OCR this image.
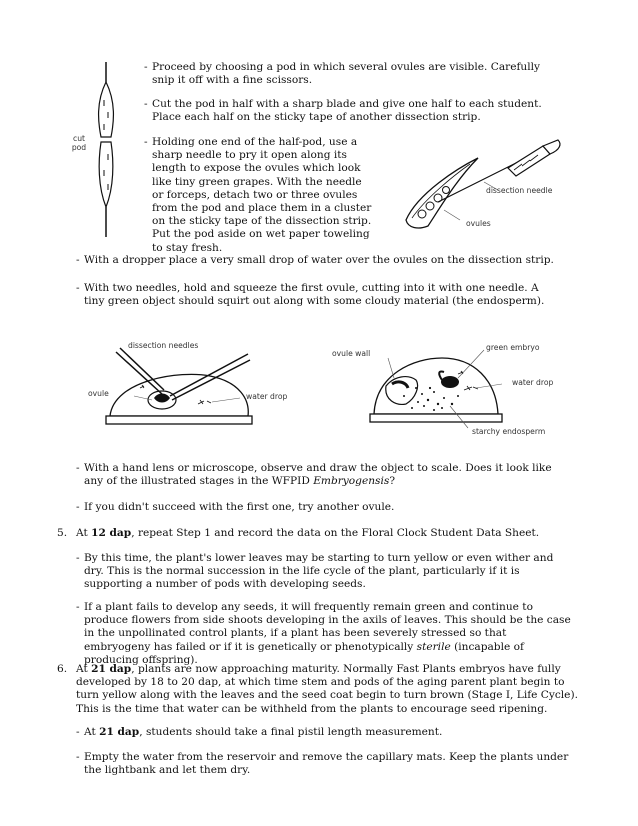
cut
pod
- Proceed by choosing a pod in which several ovules are visible. Carefully snip it off with a fine scissors.
- Cut the pod in half with a sharp blade and give one half to each student. Place each half on the sticky tape of another dissection strip.
- Holding one end of the half-pod, use a sharp needle to pry it open along its length to expose the ovules which look like tiny green grapes. With the needle or forceps, detach two or three ovules from the pod and place them in a cluster on the sticky tape of the dissection strip. Put the pod aside on wet paper toweling to stay fresh.
dissection needle
ovules
- With a dropper place a very small drop of water over the ovules on the dissection strip.
- With two needles, hold and squeeze the first ovule, cutting into it with one needle. A tiny green object should squirt out along with some cloudy material (the endosperm).
dissection needles
ovule	water drop
ovule wall
green embryo
water drop
starchy endosperm
- With a hand lens or microscope, observe and draw the object to scale. Does it look like any of the illustrated stages in the WFPID Embryogensis?
- If you didn't succeed with the first one, try another ovule.
5. At 12 dap, repeat Step 1 and record the data on the Floral Clock Student Data Sheet.
- By this time, the plant's lower leaves may be starting to turn yellow or even wither and dry. This is the normal succession in the life cycle of the plant, particularly if it is supporting a number of pods with developing seeds.
- If a plant fails to develop any seeds, it will frequently remain green and continue to produce flowers from side shoots developing in the axils of leaves. This should be the case in the unpollinated control plants, if a plant has been severely stressed so that embryogeny has failed or if it is genetically or phenotypically sterile (incapable of producing offspring).
6. At 21 dap, plants are now approaching maturity. Normally Fast Plants embryos have fully developed by 18 to 20 dap, at which time stem and pods of the aging parent plant begin to turn yellow along with the leaves and the seed coat begin to turn brown (Stage I, Life Cycle). This is the time that water can be withheld from the plants to encourage seed ripening.
- At 21 dap, students should take a final pistil length measurement.
- Empty the water from the reservoir and remove the capillary mats. Keep the plants under the lightbank and let them dry.
